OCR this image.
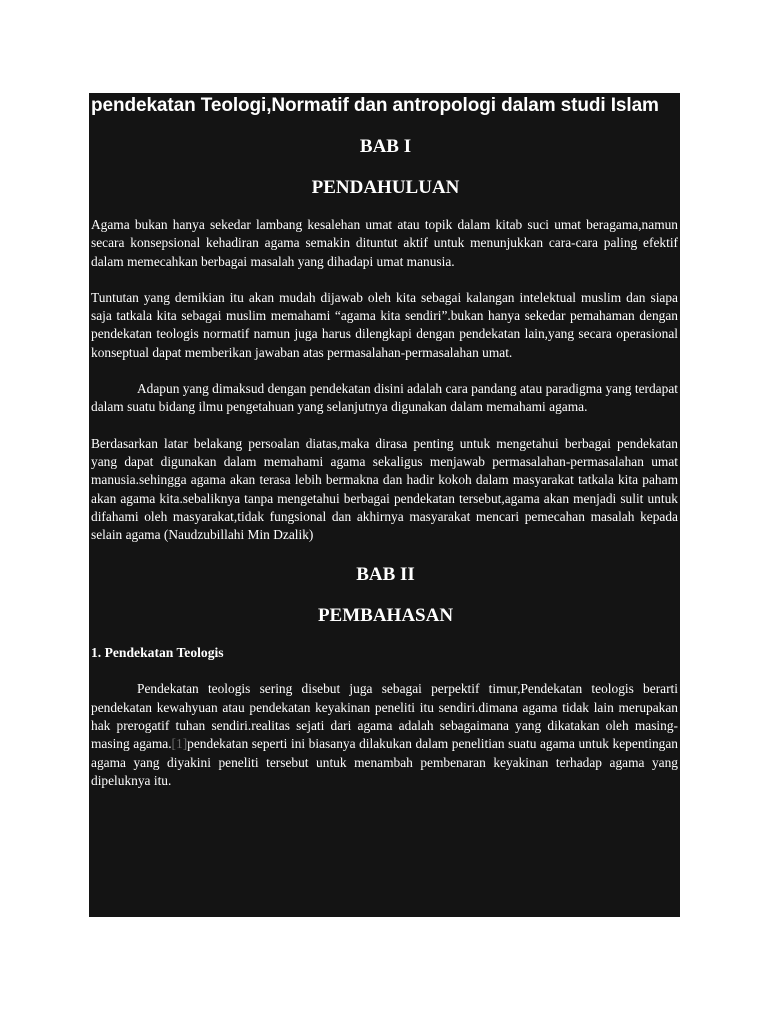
pendekatan Teologi,Normatif dan antropologi dalam studi Islam
BAB I
PENDAHULUAN

Agama bukan hanya sekedar lambang kesalehan umat atau topik dalam kitab suci umat beragama,namun secara konsepsional kehadiran agama semakin dituntut aktif untuk menunjukkan cara-cara paling efektif dalam memecahkan berbagai masalah yang dihadapi umat manusia.

Tuntutan yang demikian itu akan mudah dijawab oleh kita sebagai kalangan intelektual muslim dan siapa saja tatkala kita sebagai muslim memahami “agama kita sendiri”.bukan hanya sekedar pemahaman dengan pendekatan teologis normatif namun juga harus dilengkapi dengan pendekatan lain,yang secara operasional konseptual dapat memberikan jawaban atas permasalahan-permasalahan umat.

Adapun yang dimaksud dengan pendekatan disini adalah cara pandang atau paradigma yang terdapat dalam suatu bidang ilmu pengetahuan yang selanjutnya digunakan dalam memahami agama.

Berdasarkan latar belakang persoalan diatas,maka dirasa penting untuk mengetahui berbagai pendekatan yang dapat digunakan dalam memahami agama sekaligus menjawab permasalahan-permasalahan umat manusia.sehingga agama akan terasa lebih bermakna dan hadir kokoh dalam masyarakat tatkala kita paham akan agama kita.sebaliknya tanpa mengetahui berbagai pendekatan tersebut,agama akan menjadi sulit untuk difahami oleh masyarakat,tidak fungsional dan akhirnya masyarakat mencari pemecahan masalah kepada selain agama (Naudzubillahi Min Dzalik)

BAB II
PEMBAHASAN

1. Pendekatan Teologis

Pendekatan teologis sering disebut juga sebagai perpektif timur,Pendekatan teologis berarti pendekatan kewahyuan atau pendekatan keyakinan peneliti itu sendiri.dimana agama tidak lain merupakan hak prerogatif tuhan sendiri.realitas sejati dari agama adalah sebagaimana yang dikatakan oleh masing-masing agama.[1]pendekatan seperti ini biasanya dilakukan dalam penelitian suatu agama untuk kepentingan agama yang diyakini peneliti tersebut untuk menambah pembenaran keyakinan terhadap agama yang dipeluknya itu.
